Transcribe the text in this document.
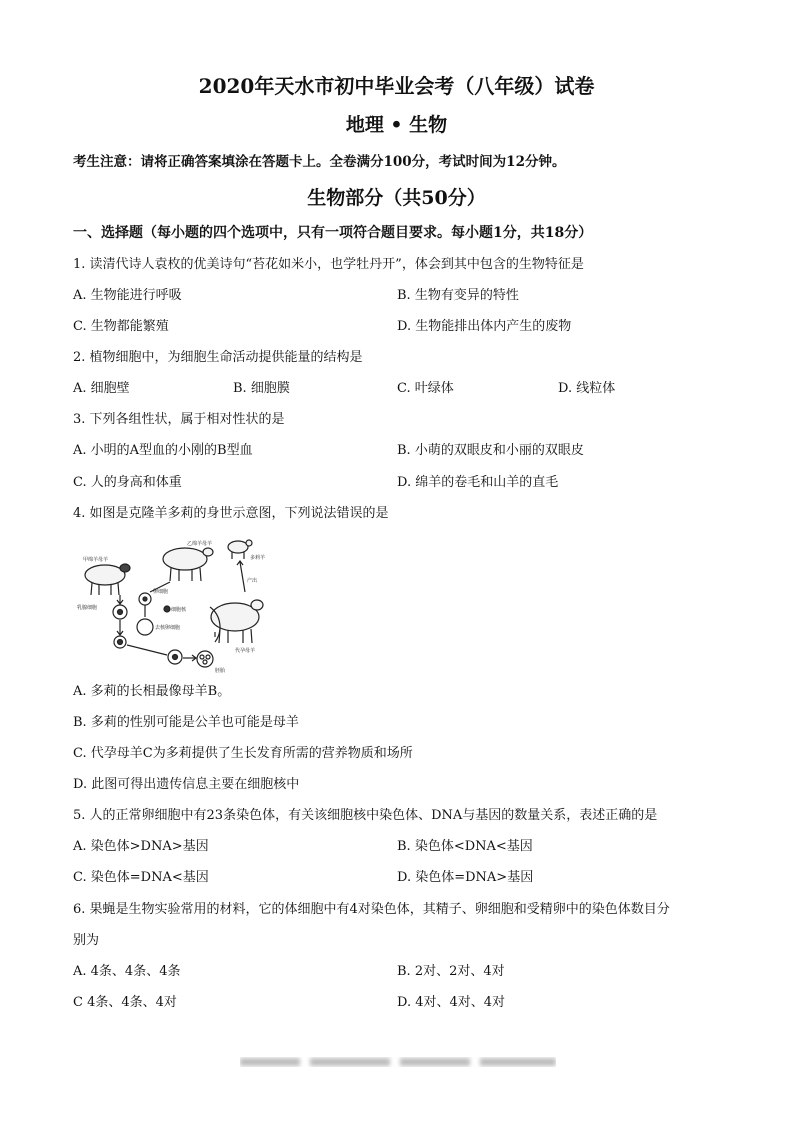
2020年天水市初中毕业会考（八年级）试卷
地理 • 生物
考生注意：请将正确答案填涂在答题卡上。全卷满分100分，考试时间为12分钟。
生物部分（共50分）
一、选择题（每小题的四个选项中，只有一项符合题目要求。每小题1分，共18分）
1. 读清代诗人袁枚的优美诗句“苔花如米小，也学牡丹开”，体会到其中包含的生物特征是
A. 生物能进行呼吸	B. 生物有变异的特性
C. 生物都能繁殖	D. 生物能排出体内产生的废物
2. 植物细胞中，为细胞生命活动提供能量的结构是
A. 细胞壁	B. 细胞膜	C. 叶绿体	D. 线粒体
3. 下列各组性状，属于相对性状的是
A. 小明的A型血的小刚的B型血	B. 小萌的双眼皮和小丽的双眼皮
C. 人的身高和体重	D. 绵羊的卷毛和山羊的直毛
4. 如图是克隆羊多莉的身世示意图，下列说法错误的是
甲绵羊母羊
乙绵羊母羊
多莉羊
乳腺细胞
卵细胞
细胞核
去核卵细胞
胚胎
产出
代孕母羊
A. 多莉的长相最像母羊B。
B. 多莉的性别可能是公羊也可能是母羊
C. 代孕母羊C为多莉提供了生长发育所需的营养物质和场所
D. 此图可得出遗传信息主要在细胞核中
5. 人的正常卵细胞中有23条染色体，有关该细胞核中染色体、DNA与基因的数量关系，表述正确的是
A. 染色体>DNA>基因	B. 染色体<DNA<基因
C. 染色体=DNA<基因	D. 染色体=DNA>基因
6. 果蝇是生物实验常用的材料，它的体细胞中有4对染色体，其精子、卵细胞和受精卵中的染色体数目分
别为
A. 4条、4条、4条	B. 2对、2对、4对
C 4条、4条、4对	D. 4对、4对、4对
